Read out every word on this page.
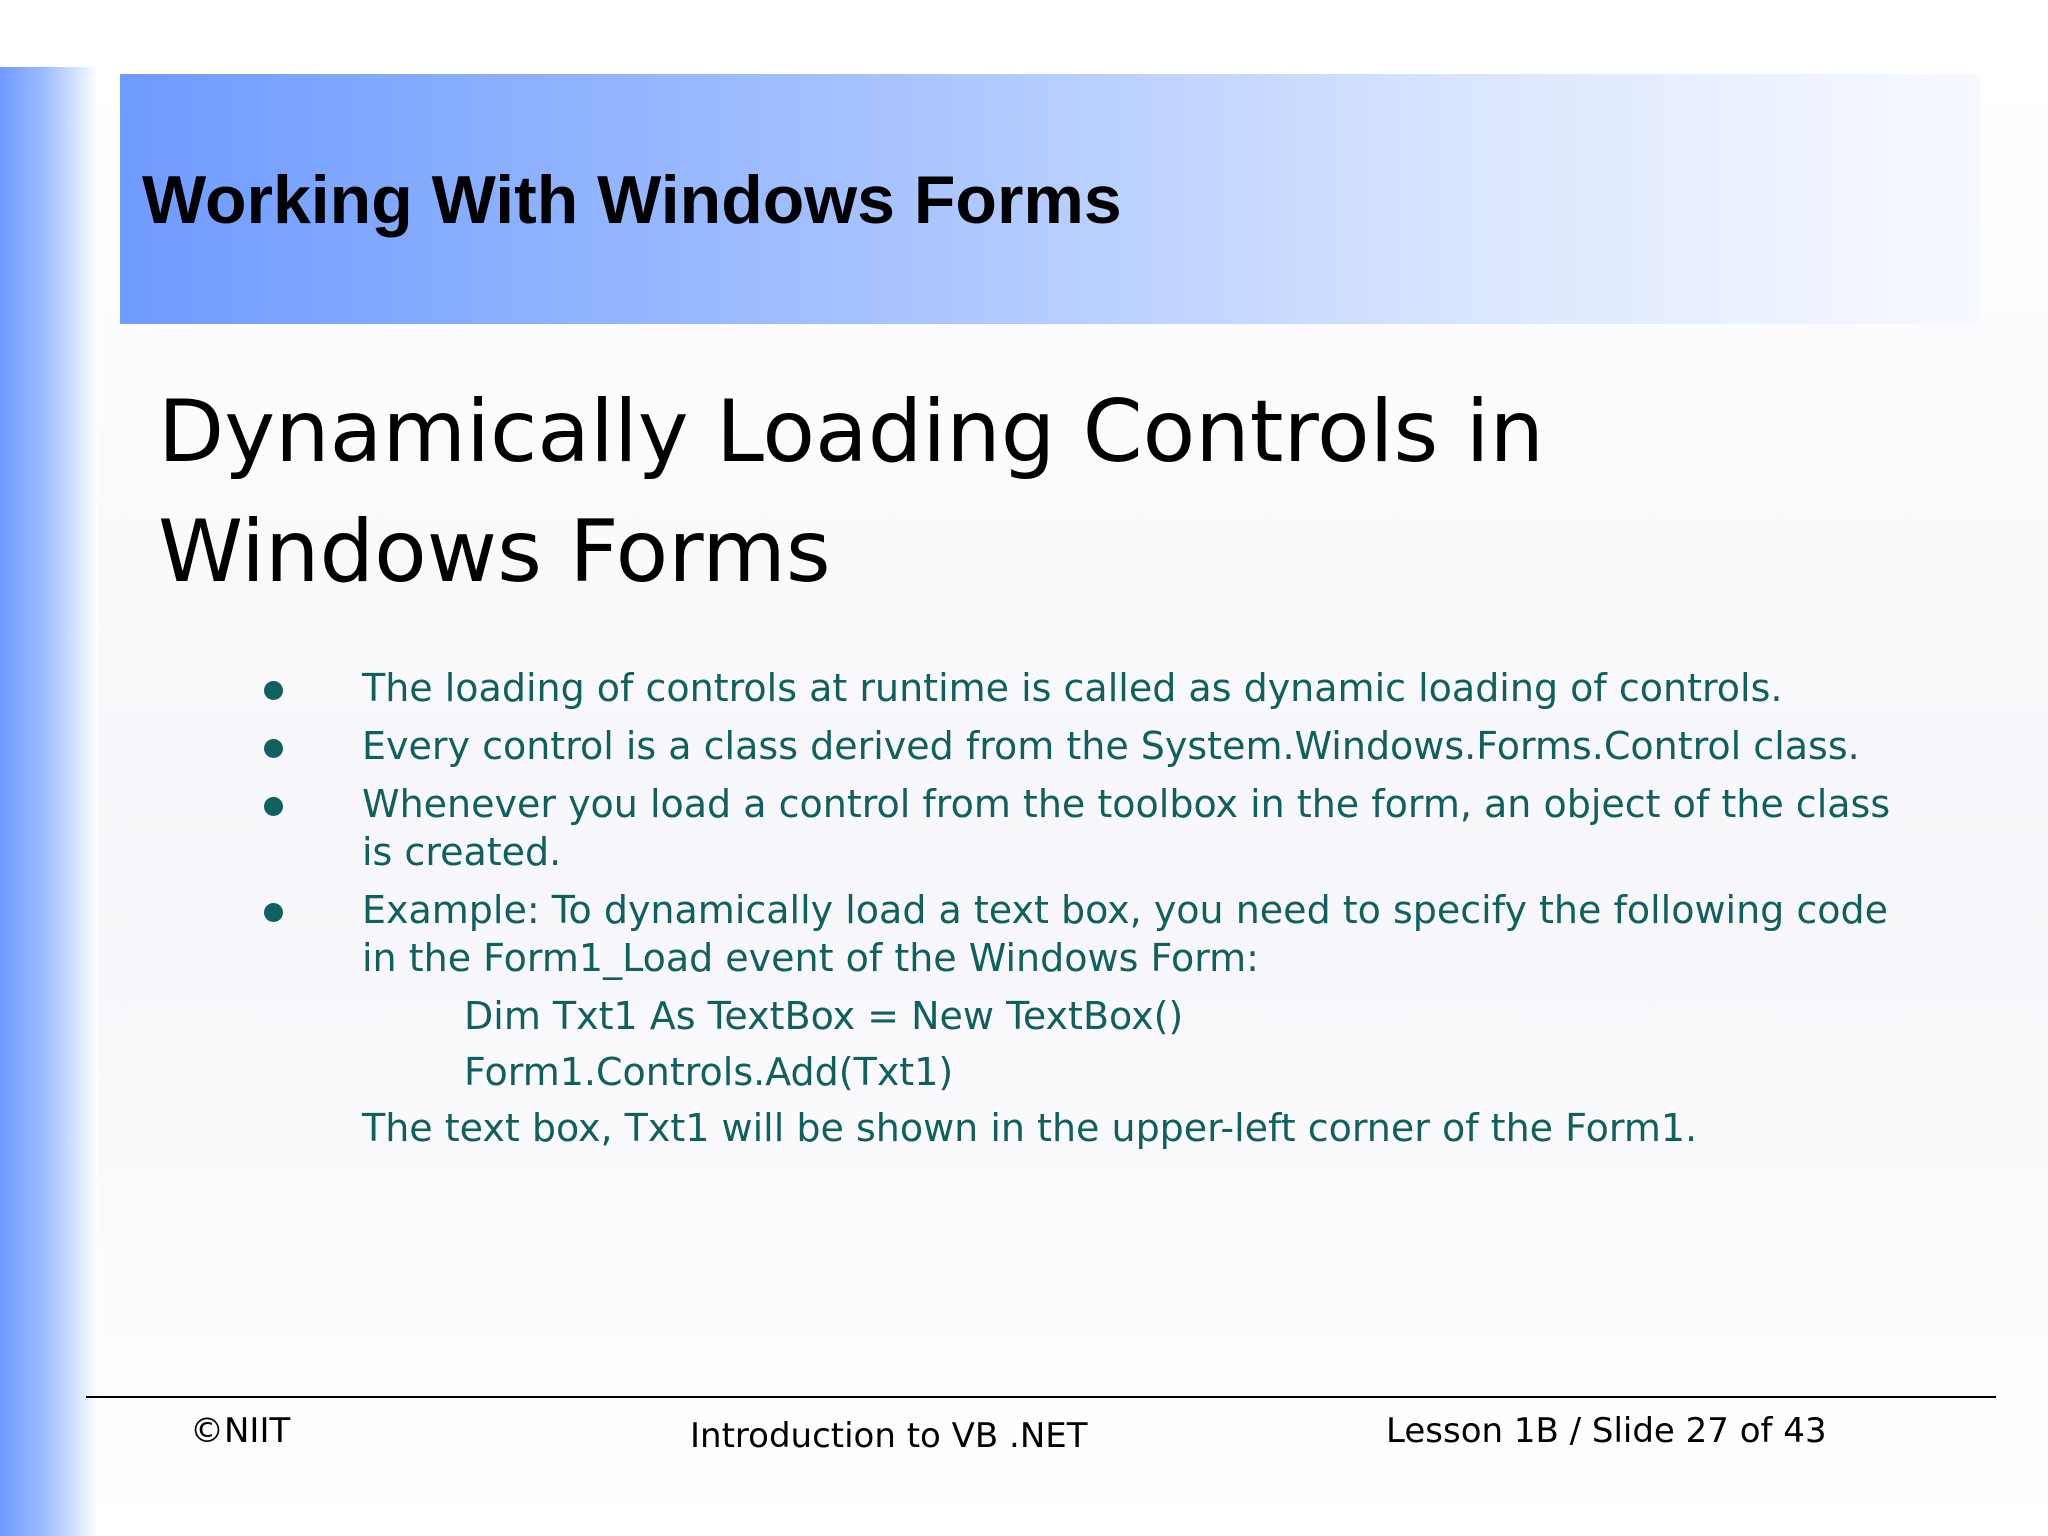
Working With Windows Forms
Dynamically Loading Controls in Windows Forms
The loading of controls at runtime is called as dynamic loading of controls.
Every control is a class derived from the System.Windows.Forms.Control class.
Whenever you load a control from the toolbox in the form, an object of the class is created.
Example: To dynamically load a text box, you need to specify the following code in the Form1_Load event of the Windows Form:
Dim Txt1 As TextBox = New TextBox()
Form1.Controls.Add(Txt1)
The text box, Txt1 will be shown in the upper-left corner of the Form1.

©NIIT	Introduction to VB .NET	Lesson 1B / Slide 27 of 43
